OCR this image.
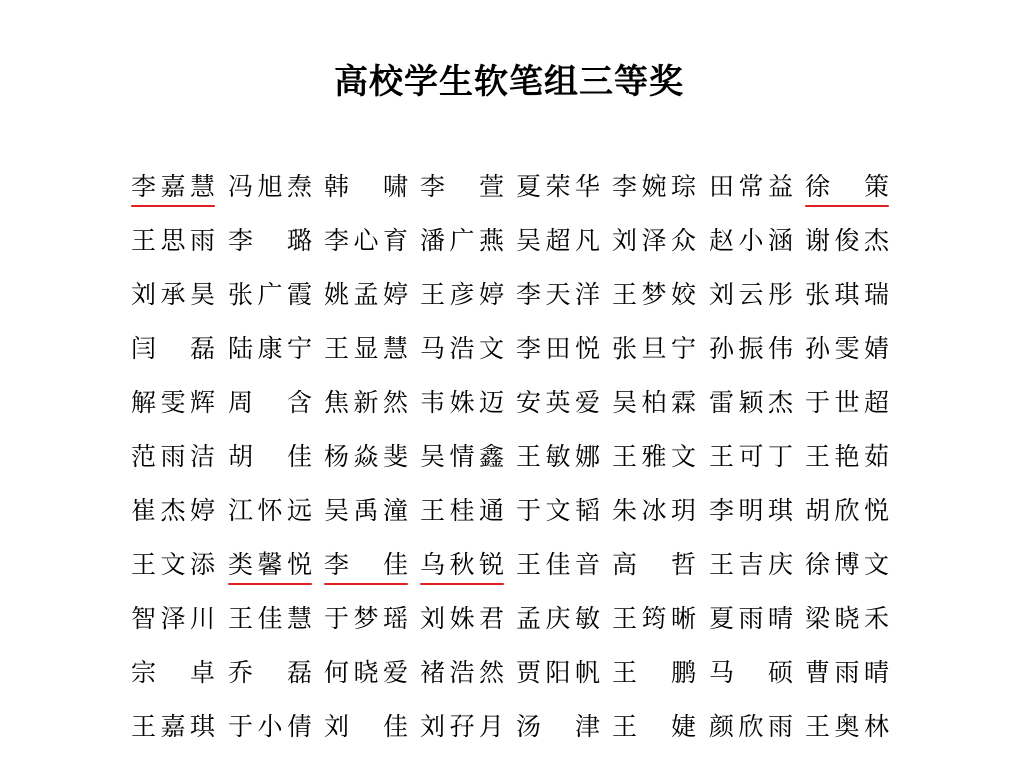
高校学生软笔组三等奖
李嘉慧 冯旭焘 韩　啸 李　萱 夏荣华 李婉琮 田常益 徐　策
王思雨 李　璐 李心育 潘广燕 吴超凡 刘泽众 赵小涵 谢俊杰
刘承昊 张广霞 姚孟婷 王彦婷 李天洋 王梦姣 刘云彤 张琪瑞
闫　磊 陆康宁 王显慧 马浩文 李田悦 张旦宁 孙振伟 孙雯婧
解雯辉 周　含 焦新然 韦姝迈 安英爱 吴柏霖 雷颖杰 于世超
范雨洁 胡　佳 杨焱斐 吴情鑫 王敏娜 王雅文 王可丁 王艳茹
崔杰婷 江怀远 吴禹潼 王桂通 于文韬 朱冰玥 李明琪 胡欣悦
王文添 类馨悦 李　佳 乌秋锐 王佳音 高　哲 王吉庆 徐博文
智泽川 王佳慧 于梦瑶 刘姝君 孟庆敏 王筠晰 夏雨晴 梁晓禾
宗　卓 乔　磊 何晓爱 褚浩然 贾阳帆 王　鹏 马　硕 曹雨晴
王嘉琪 于小倩 刘　佳 刘孖月 汤　津 王　婕 颜欣雨 王奥林
